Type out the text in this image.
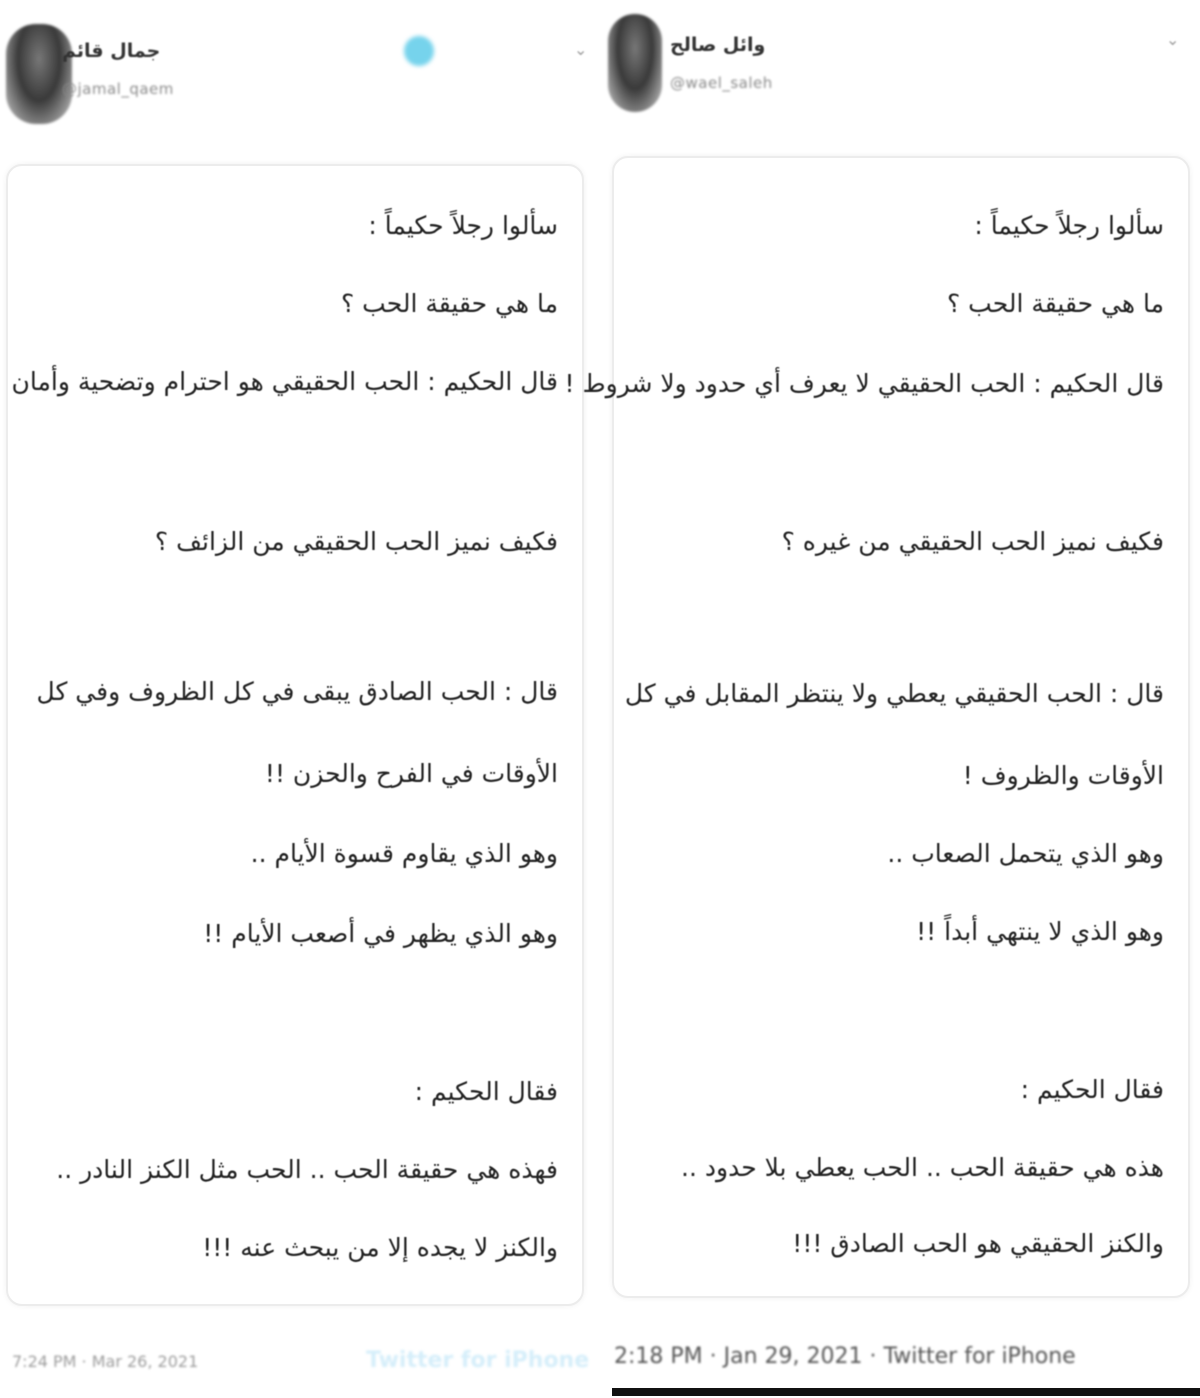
جمال قائم
@jamal_qaem
⌄
سألوا رجلاً حكيماً :
ما هي حقيقة الحب ؟
قال الحكيم : الحب الحقيقي هو احترام وتضحية وأمان
فكيف نميز الحب الحقيقي من الزائف ؟
قال : الحب الصادق يبقى في كل الظروف وفي كل
الأوقات في الفرح والحزن !!
وهو الذي يقاوم قسوة الأيام ..
وهو الذي يظهر في أصعب الأيام !!
فقال الحكيم :
فهذه هي حقيقة الحب .. الحب مثل الكنز النادر ..
والكنز لا يجده إلا من يبحث عنه !!!
7:24 PM · Mar 26, 2021	Twitter for iPhone
وائل صالح
@wael_saleh
⌄
سألوا رجلاً حكيماً :
ما هي حقيقة الحب ؟
قال الحكيم : الحب الحقيقي لا يعرف أي حدود ولا شروط !
فكيف نميز الحب الحقيقي من غيره ؟
قال : الحب الحقيقي يعطي ولا ينتظر المقابل في كل
الأوقات والظروف !
وهو الذي يتحمل الصعاب ..
وهو الذي لا ينتهي أبداً !!
فقال الحكيم :
هذه هي حقيقة الحب .. الحب يعطي بلا حدود ..
والكنز الحقيقي هو الحب الصادق !!!
2:18 PM · Jan 29, 2021 · Twitter for iPhone
